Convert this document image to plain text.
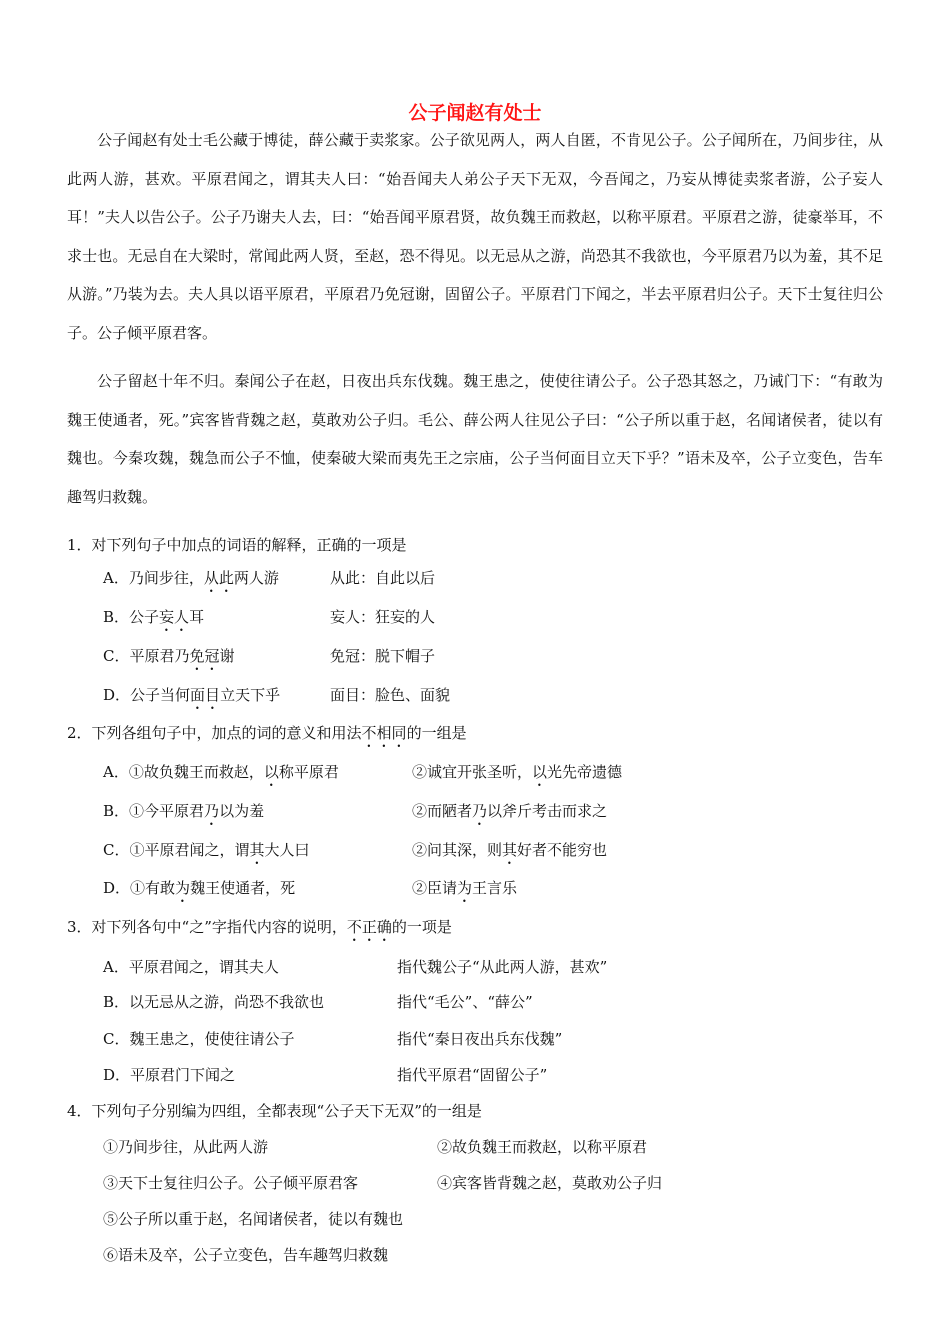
公子闻赵有处士
公子闻赵有处士毛公藏于博徒，薛公藏于卖浆家。公子欲见两人，两人自匿，不肯见公子。公子闻所在，乃间步往，从此两人游，甚欢。平原君闻之，谓其夫人曰：“始吾闻夫人弟公子天下无双，今吾闻之，乃妄从博徒卖浆者游，公子妄人耳！”夫人以告公子。公子乃谢夫人去，曰：“始吾闻平原君贤，故负魏王而救赵，以称平原君。平原君之游，徒豪举耳，不求士也。无忌自在大梁时，常闻此两人贤，至赵，恐不得见。以无忌从之游，尚恐其不我欲也，今平原君乃以为羞，其不足从游。”乃装为去。夫人具以语平原君，平原君乃免冠谢，固留公子。平原君门下闻之，半去平原君归公子。天下士复往归公子。公子倾平原君客。
公子留赵十年不归。秦闻公子在赵，日夜出兵东伐魏。魏王患之，使使往请公子。公子恐其怒之，乃诫门下：“有敢为魏王使通者，死。”宾客皆背魏之赵，莫敢劝公子归。毛公、薛公两人往见公子曰：“公子所以重于赵，名闻诸侯者，徒以有魏也。今秦攻魏，魏急而公子不恤，使秦破大梁而夷先王之宗庙，公子当何面目立天下乎？”语未及卒，公子立变色，告车趣驾归救魏。
1．对下列句子中加点的词语的解释，正确的一项是
A．乃间步往，从此两人游	从此：自此以后
B．公子妄人耳	妄人：狂妄的人
C．平原君乃免冠谢	免冠：脱下帽子
D．公子当何面目立天下乎	面目：脸色、面貌
2．下列各组句子中，加点的词的意义和用法不相同的一组是
A．①故负魏王而救赵，以称平原君	②诚宜开张圣听，以光先帝遗德
B．①今平原君乃以为羞	②而陋者乃以斧斤考击而求之
C．①平原君闻之，谓其大人曰	②问其深，则其好者不能穷也
D．①有敢为魏王使通者，死	②臣请为王言乐
3．对下列各句中“之”字指代内容的说明，不正确的一项是
A．平原君闻之，谓其夫人	指代魏公子“从此两人游，甚欢”
B．以无忌从之游，尚恐不我欲也	指代“毛公”、“薛公”
C．魏王患之，使使往请公子	指代“秦日夜出兵东伐魏”
D．平原君门下闻之	指代平原君“固留公子”
4．下列句子分别编为四组，全都表现“公子天下无双”的一组是
①乃间步往，从此两人游	②故负魏王而救赵，以称平原君
③天下士复往归公子。公子倾平原君客	④宾客皆背魏之赵，莫敢劝公子归
⑤公子所以重于赵，名闻诸侯者，徒以有魏也
⑥语未及卒，公子立变色，告车趣驾归救魏
